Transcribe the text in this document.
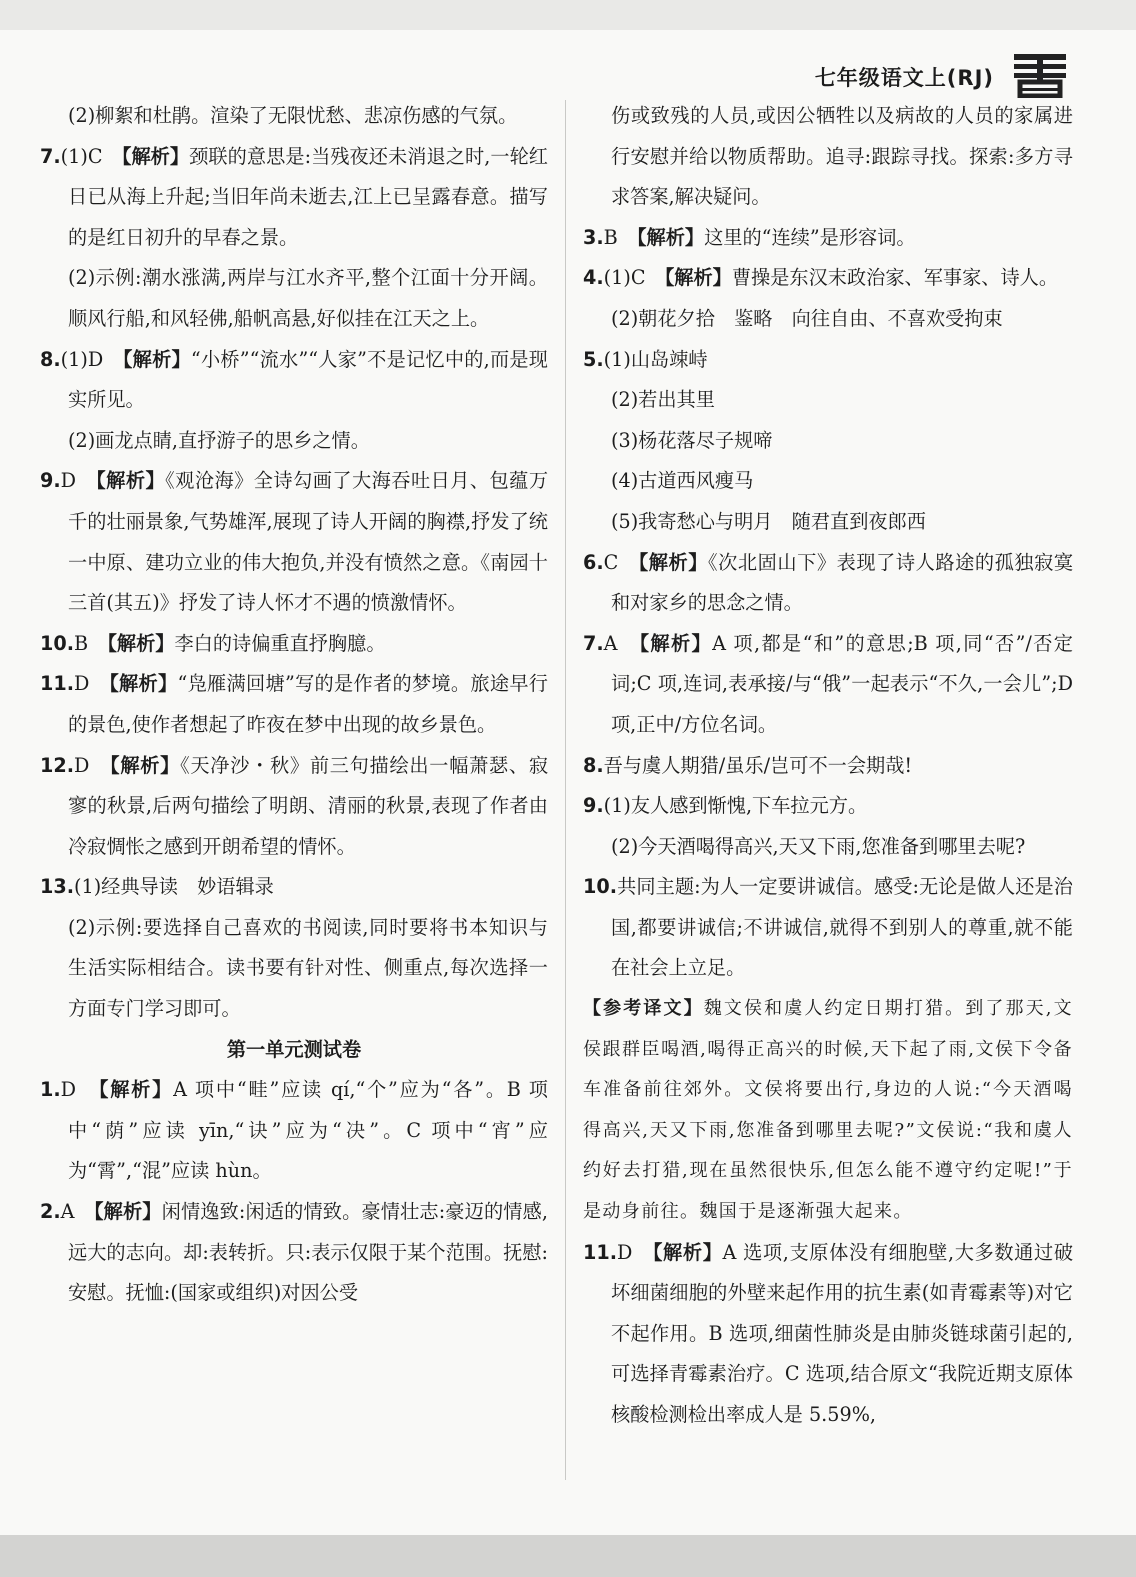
七年级语文上(RJ)

(2)柳絮和杜鹃。渲染了无限忧愁、悲凉伤感的气氛。

7.(1)C　 【解析】颈联的意思是:当残夜还未消退之时,一轮红日已从海上升起;当旧年尚未逝去,江上已呈露春意。描写的是红日初升的早春之景。

(2)示例:潮水涨满,两岸与江水齐平,整个江面十分开阔。顺风行船,和风轻佛,船帆高悬,好似挂在江天之上。

8.(1)D　 【解析】“小桥”“流水”“人家”不是记忆中的,而是现实所见。

(2)画龙点睛,直抒游子的思乡之情。

9.D　 【解析】《观沧海》全诗勾画了大海吞吐日月、包蕴万千的壮丽景象,气势雄浑,展现了诗人开阔的胸襟,抒发了统一中原、建功立业的伟大抱负,并没有愤然之意。《南园十三首(其五)》抒发了诗人怀才不遇的愤激情怀。

10.B　 【解析】李白的诗偏重直抒胸臆。

11.D　 【解析】“凫雁满回塘”写的是作者的梦境。旅途早行的景色,使作者想起了昨夜在梦中出现的故乡景色。

12.D　 【解析】《天净沙・秋》前三句描绘出一幅萧瑟、寂寥的秋景,后两句描绘了明朗、清丽的秋景,表现了作者由冷寂惆怅之感到开朗希望的情怀。

13.(1)经典导读　妙语辑录

(2)示例:要选择自己喜欢的书阅读,同时要将书本知识与生活实际相结合。读书要有针对性、侧重点,每次选择一方面专门学习即可。

第一单元测试卷

1.D　 【解析】A 项中“畦”应读 qí,“个”应为“各”。B 项中“荫”应读 yīn,“诀”应为“决”。C 项中“宵”应为“霄”,“混”应读 hùn。

2.A　 【解析】闲情逸致:闲适的情致。豪情壮志:豪迈的情感,远大的志向。却:表转折。只:表示仅限于某个范围。抚慰:安慰。抚恤:(国家或组织)对因公受

伤或致残的人员,或因公牺牲以及病故的人员的家属进行安慰并给以物质帮助。追寻:跟踪寻找。探索:多方寻求答案,解决疑问。

3.B　 【解析】这里的“连续”是形容词。

4.(1)C　 【解析】曹操是东汉末政治家、军事家、诗人。

(2)朝花夕拾　鉴略　向往自由、不喜欢受拘束

5.(1)山岛竦峙

(2)若出其里

(3)杨花落尽子规啼

(4)古道西风瘦马

(5)我寄愁心与明月　随君直到夜郎西

6.C　 【解析】《次北固山下》表现了诗人路途的孤独寂寞和对家乡的思念之情。

7.A　 【解析】A 项,都是“和”的意思;B 项,同“否”/否定词;C 项,连词,表承接/与“俄”一起表示“不久,一会儿”;D 项,正中/方位名词。

8.吾与虞人期猎/虽乐/岂可不一会期哉!

9.(1)友人感到惭愧,下车拉元方。

(2)今天酒喝得高兴,天又下雨,您准备到哪里去呢?

10.共同主题:为人一定要讲诚信。感受:无论是做人还是治国,都要讲诚信;不讲诚信,就得不到别人的尊重,就不能在社会上立足。

【参考译文】魏文侯和虞人约定日期打猎。到了那天,文侯跟群臣喝酒,喝得正高兴的时候,天下起了雨,文侯下令备车准备前往郊外。文侯将要出行,身边的人说:“今天酒喝得高兴,天又下雨,您准备到哪里去呢?”文侯说:“我和虞人约好去打猎,现在虽然很快乐,但怎么能不遵守约定呢!”于是动身前往。魏国于是逐渐强大起来。

11.D　 【解析】A 选项,支原体没有细胞壁,大多数通过破坏细菌细胞的外壁来起作用的抗生素(如青霉素等)对它不起作用。B 选项,细菌性肺炎是由肺炎链球菌引起的,可选择青霉素治疗。C 选项,结合原文“我院近期支原体核酸检测检出率成人是 5.59%,
